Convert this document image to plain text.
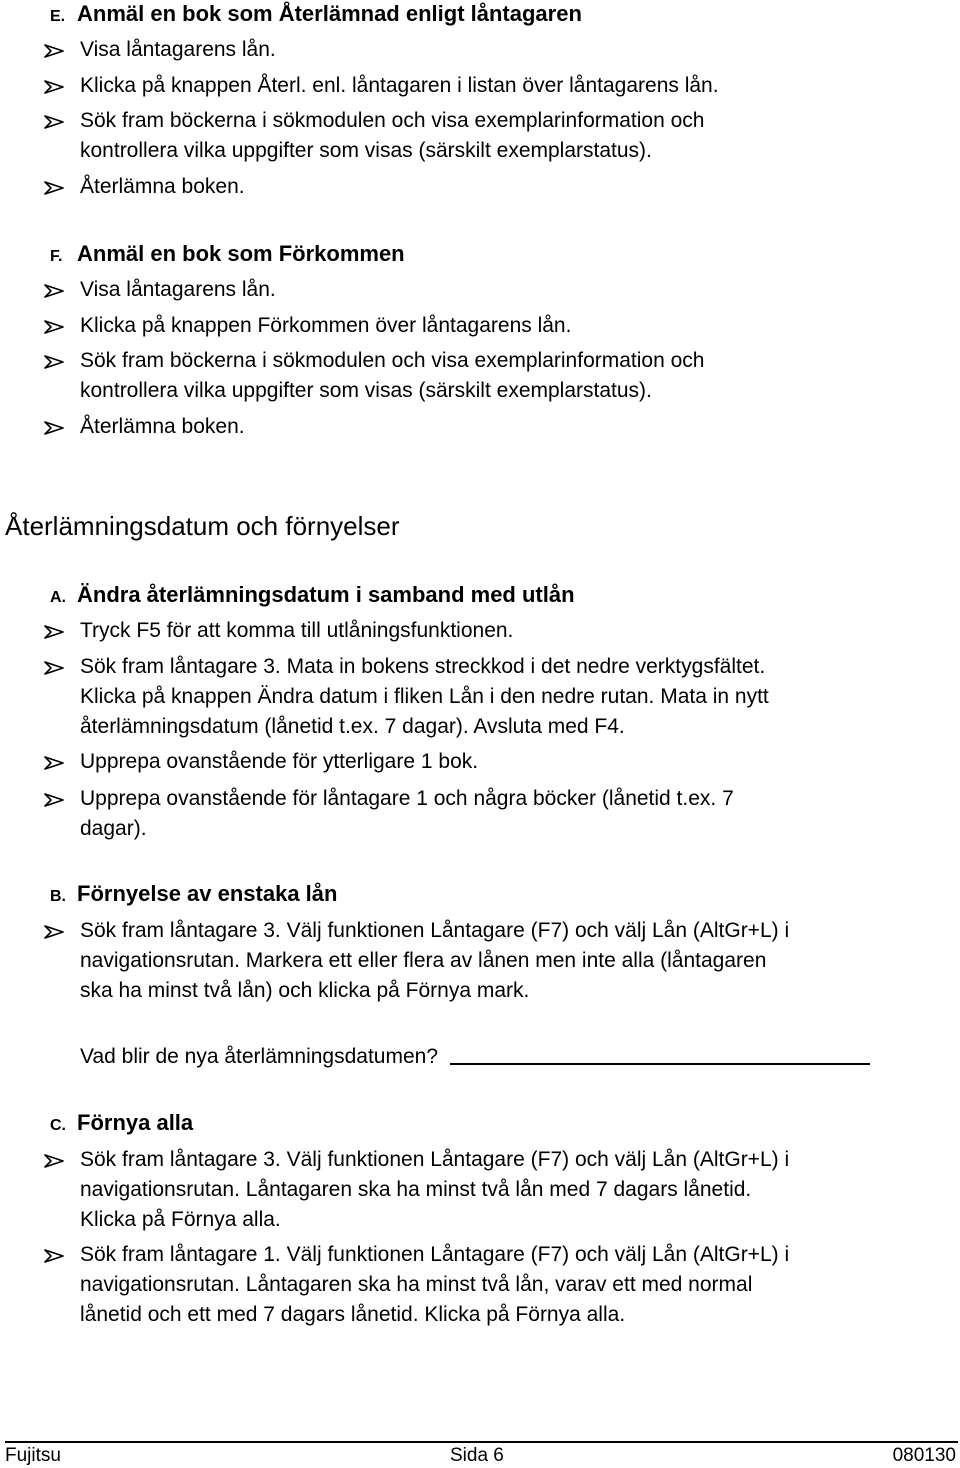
E. Anmäl en bok som Återlämnad enligt låntagaren
Visa låntagarens lån.
Klicka på knappen Återl. enl. låntagaren i listan över låntagarens lån.
Sök fram böckerna i sökmodulen och visa exemplarinformation och
kontrollera vilka uppgifter som visas (särskilt exemplarstatus).
Återlämna boken.
F. Anmäl en bok som Förkommen
Visa låntagarens lån.
Klicka på knappen Förkommen över låntagarens lån.
Sök fram böckerna i sökmodulen och visa exemplarinformation och
kontrollera vilka uppgifter som visas (särskilt exemplarstatus).
Återlämna boken.
Återlämningsdatum och förnyelser
A. Ändra återlämningsdatum i samband med utlån
Tryck F5 för att komma till utlåningsfunktionen.
Sök fram låntagare 3. Mata in bokens streckkod i det nedre verktygsfältet.
Klicka på knappen Ändra datum i fliken Lån i den nedre rutan. Mata in nytt
återlämningsdatum (lånetid t.ex. 7 dagar). Avsluta med F4.
Upprepa ovanstående för ytterligare 1 bok.
Upprepa ovanstående för låntagare 1 och några böcker (lånetid t.ex. 7
dagar).
B. Förnyelse av enstaka lån
Sök fram låntagare 3. Välj funktionen Låntagare (F7) och välj Lån (AltGr+L) i
navigationsrutan. Markera ett eller flera av lånen men inte alla (låntagaren
ska ha minst två lån) och klicka på Förnya mark.
Vad blir de nya återlämningsdatumen?
C. Förnya alla
Sök fram låntagare 3. Välj funktionen Låntagare (F7) och välj Lån (AltGr+L) i
navigationsrutan. Låntagaren ska ha minst två lån med 7 dagars lånetid.
Klicka på Förnya alla.
Sök fram låntagare 1. Välj funktionen Låntagare (F7) och välj Lån (AltGr+L) i
navigationsrutan. Låntagaren ska ha minst två lån, varav ett med normal
lånetid och ett med 7 dagars lånetid. Klicka på Förnya alla.
Fujitsu	Sida 6	080130
